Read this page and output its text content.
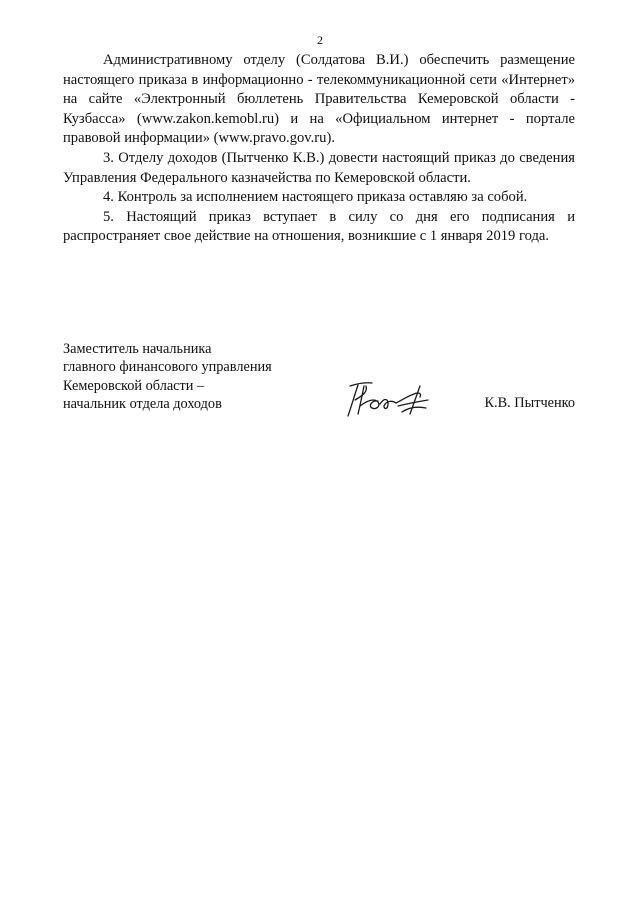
2

Административному отделу (Солдатова В.И.) обеспечить размещение настоящего приказа в информационно - телекоммуникационной сети «Интернет» на сайте «Электронный бюллетень Правительства Кемеровской области - Кузбасса» (www.zakon.kemobl.ru) и на «Официальном интернет - портале правовой информации» (www.pravo.gov.ru).

3. Отделу доходов (Пытченко К.В.) довести настоящий приказ до сведения Управления Федерального казначейства по Кемеровской области.

4. Контроль за исполнением настоящего приказа оставляю за собой.

5. Настоящий приказ вступает в силу со дня его подписания и распространяет свое действие на отношения, возникшие с 1 января 2019 года.

Заместитель начальника
главного финансового управления
Кемеровской области –
начальник отдела доходов	К.В. Пытченко
